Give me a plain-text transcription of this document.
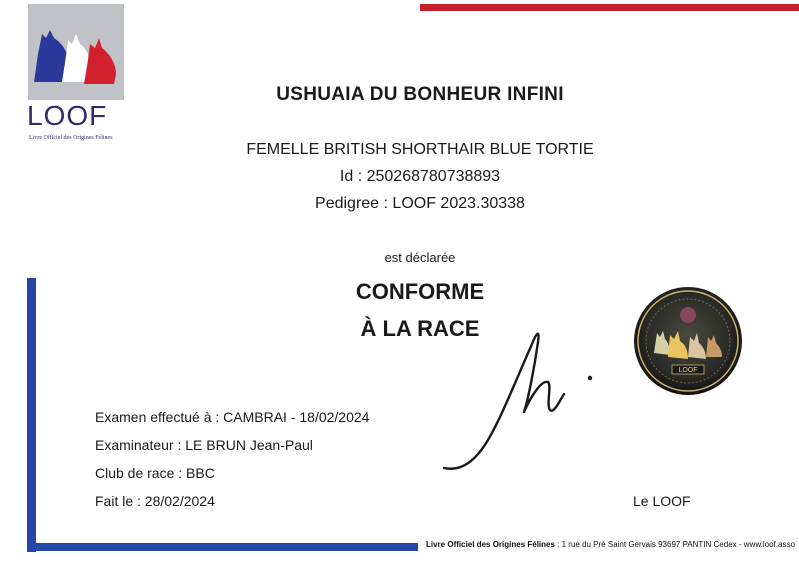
LOOF
Livre Officiel des Origines Félines
USHUAIA DU BONHEUR INFINI
FEMELLE BRITISH SHORTHAIR BLUE TORTIE
Id : 250268780738893
Pedigree : LOOF 2023.30338
est déclarée
CONFORME
À LA RACE
Examen effectué à : CAMBRAI - 18/02/2024
Examinateur : LE BRUN Jean-Paul
Club de race : BBC
Fait le : 28/02/2024	Le LOOF
LOOF
Livre Officiel des Origines Félines : 1 rue du Pré Saint Gervais 93697 PANTIN Cedex - www.loof.asso
